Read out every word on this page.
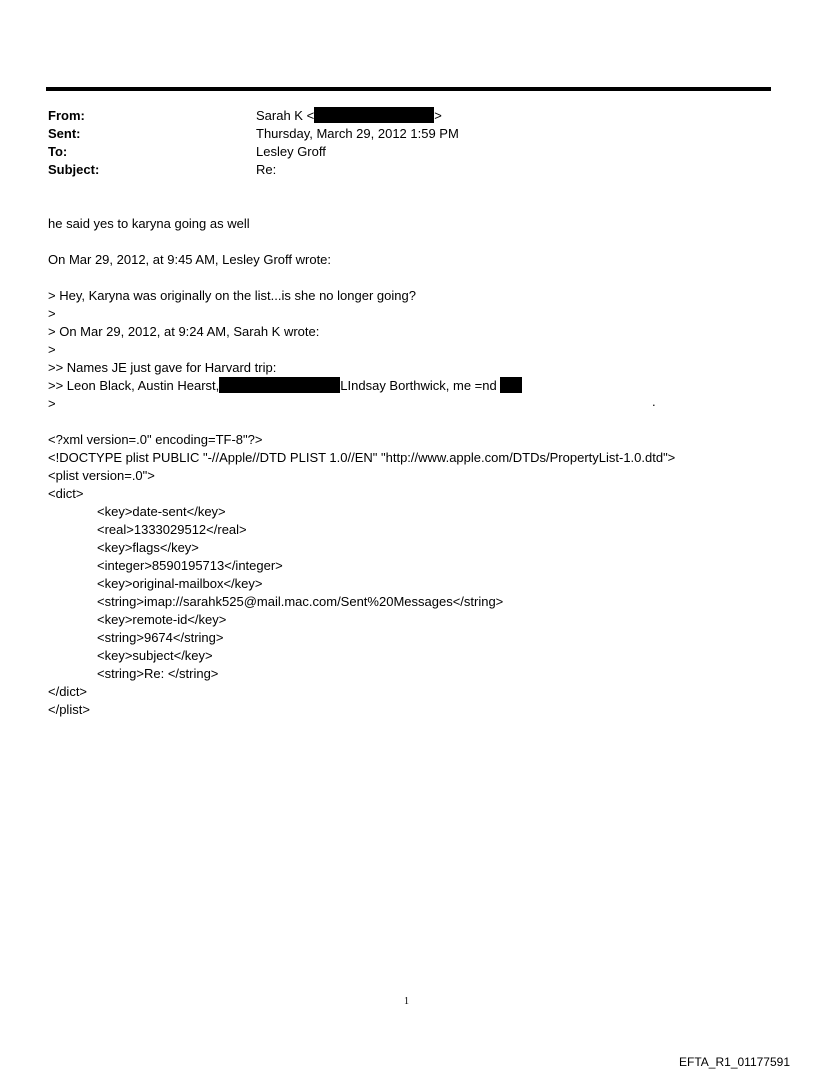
From:	Sarah K <	>
Sent:	Thursday, March 29, 2012 1:59 PM
To:	Lesley Groff
Subject:	Re:
he said yes to karyna going as well
On Mar 29, 2012, at 9:45 AM, Lesley Groff wrote:
> Hey, Karyna was originally on the list...is she no longer going?
>
> On Mar 29, 2012, at 9:24 AM, Sarah K wrote:
>
>> Names JE just gave for Harvard trip:
>> Leon Black, Austin Hearst,	LIndsay Borthwick, me =nd
>	.
<?xml version=.0" encoding=TF-8"?>
<!DOCTYPE plist PUBLIC "-//Apple//DTD PLIST 1.0//EN" "http://www.apple.com/DTDs/PropertyList-1.0.dtd">
<plist version=.0">
<dict>
<key>date-sent</key>
<real>1333029512</real>
<key>flags</key>
<integer>8590195713</integer>
<key>original-mailbox</key>
<string>imap://sarahk525@mail.mac.com/Sent%20Messages</string>
<key>remote-id</key>
<string>9674</string>
<key>subject</key>
<string>Re: </string>
</dict>
</plist>
1
EFTA_R1_01177591
